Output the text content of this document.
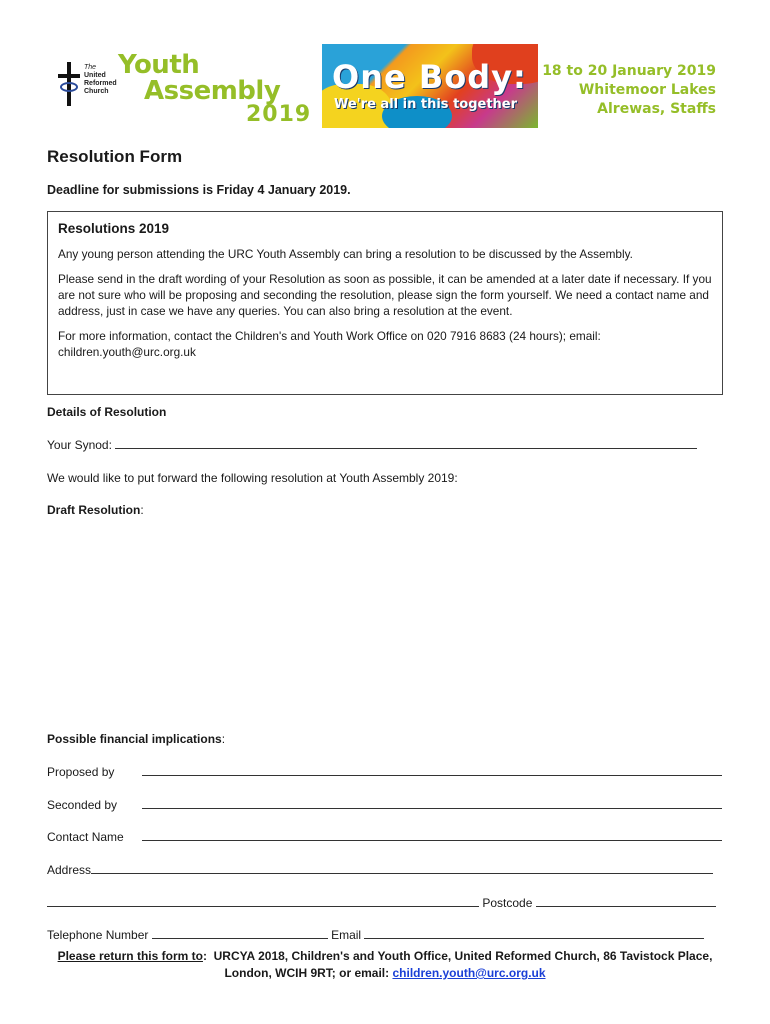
The
United
Reformed
Church
Youth
Assembly
2019
One Body:
We're all in this together
18 to 20 January 2019
Whitemoor Lakes
Alrewas, Staffs
Resolution Form
Deadline for submissions is Friday 4 January 2019.
Resolutions 2019

Any young person attending the URC Youth Assembly can bring a resolution to be discussed by the Assembly.

Please send in the draft wording of your Resolution as soon as possible, it can be amended at a later date if necessary. If you are not sure who will be proposing and seconding the resolution, please sign the form yourself. We need a contact name and address, just in case we have any queries. You can also bring a resolution at the event.

For more information, contact the Children's and Youth Work Office on 020 7916 8683 (24 hours); email: children.youth@urc.org.uk

Details of Resolution
Your Synod:
We would like to put forward the following resolution at Youth Assembly 2019:
Draft Resolution:
Possible financial implications:
Proposed by
Seconded by
Contact Name
Address
Postcode
Telephone Number	Email
Please return this form to: URCYA 2018, Children's and Youth Office, United Reformed Church, 86 Tavistock Place,
London, WCIH 9RT; or email: children.youth@urc.org.uk
